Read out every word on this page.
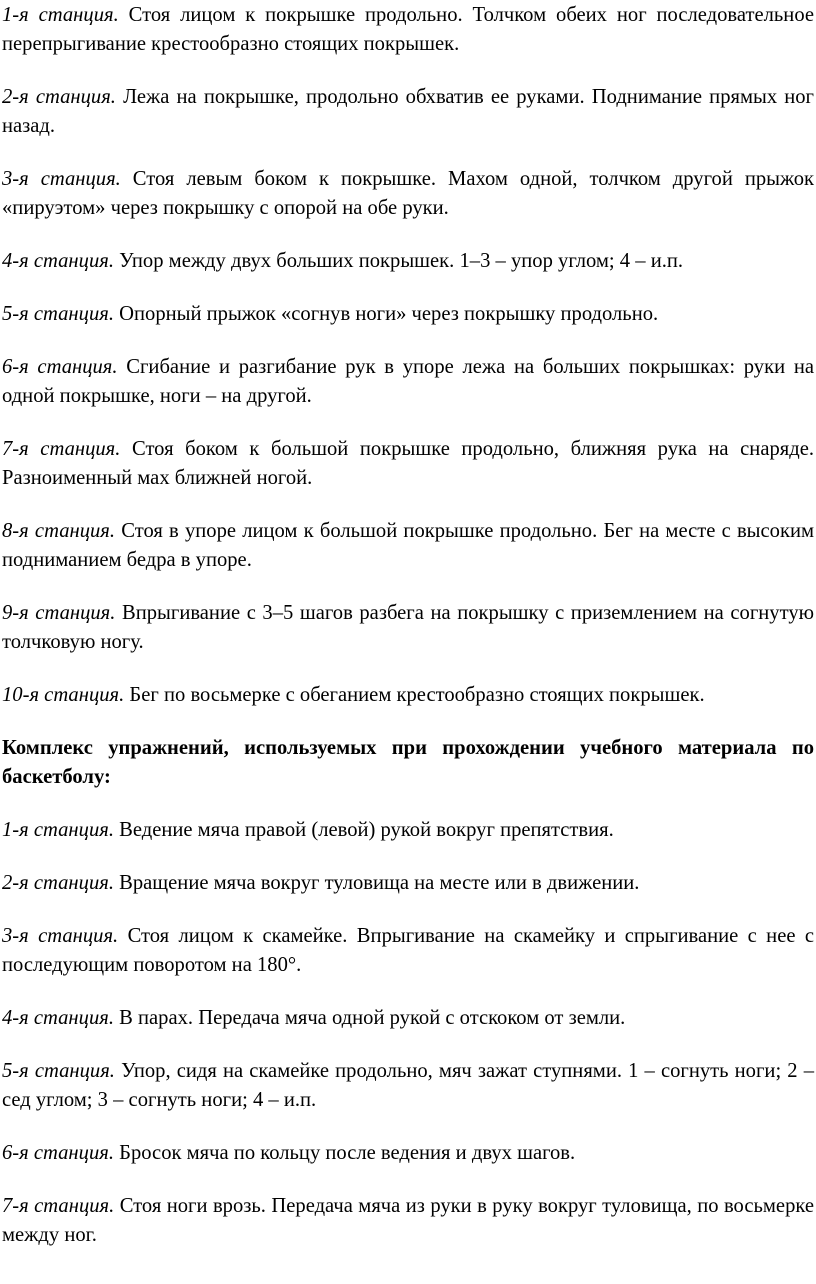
1-я станция. Стоя лицом к покрышке продольно. Толчком обеих ног последовательное перепрыгивание крестообразно стоящих покрышек.

2-я станция. Лежа на покрышке, продольно обхватив ее руками. Поднимание прямых ног назад.

3-я станция. Стоя левым боком к покрышке. Махом одной, толчком другой прыжок «пируэтом» через покрышку с опорой на обе руки.

4-я станция. Упор между двух больших покрышек. 1–3 – упор углом; 4 – и.п.

5-я станция. Опорный прыжок «согнув ноги» через покрышку продольно.

6-я станция. Сгибание и разгибание рук в упоре лежа на больших покрышках: руки на одной покрышке, ноги – на другой.

7-я станция. Стоя боком к большой покрышке продольно, ближняя рука на снаряде. Разноименный мах ближней ногой.

8-я станция. Стоя в упоре лицом к большой покрышке продольно. Бег на месте с высоким подниманием бедра в упоре.

9-я станция. Впрыгивание с 3–5 шагов разбега на покрышку с приземлением на согнутую толчковую ногу.

10-я станция. Бег по восьмерке с обеганием крестообразно стоящих покрышек.

Комплекс упражнений, используемых при прохождении учебного материала по баскетболу:

1-я станция. Ведение мяча правой (левой) рукой вокруг препятствия.

2-я станция. Вращение мяча вокруг туловища на месте или в движении.

3-я станция. Стоя лицом к скамейке. Впрыгивание на скамейку и спрыгивание с нее с последующим поворотом на 180°.

4-я станция. В парах. Передача мяча одной рукой с отскоком от земли.

5-я станция. Упор, сидя на скамейке продольно, мяч зажат ступнями. 1 – согнуть ноги; 2 – сед углом; 3 – согнуть ноги; 4 – и.п.

6-я станция. Бросок мяча по кольцу после ведения и двух шагов.

7-я станция. Стоя ноги врозь. Передача мяча из руки в руку вокруг туловища, по восьмерке между ног.
